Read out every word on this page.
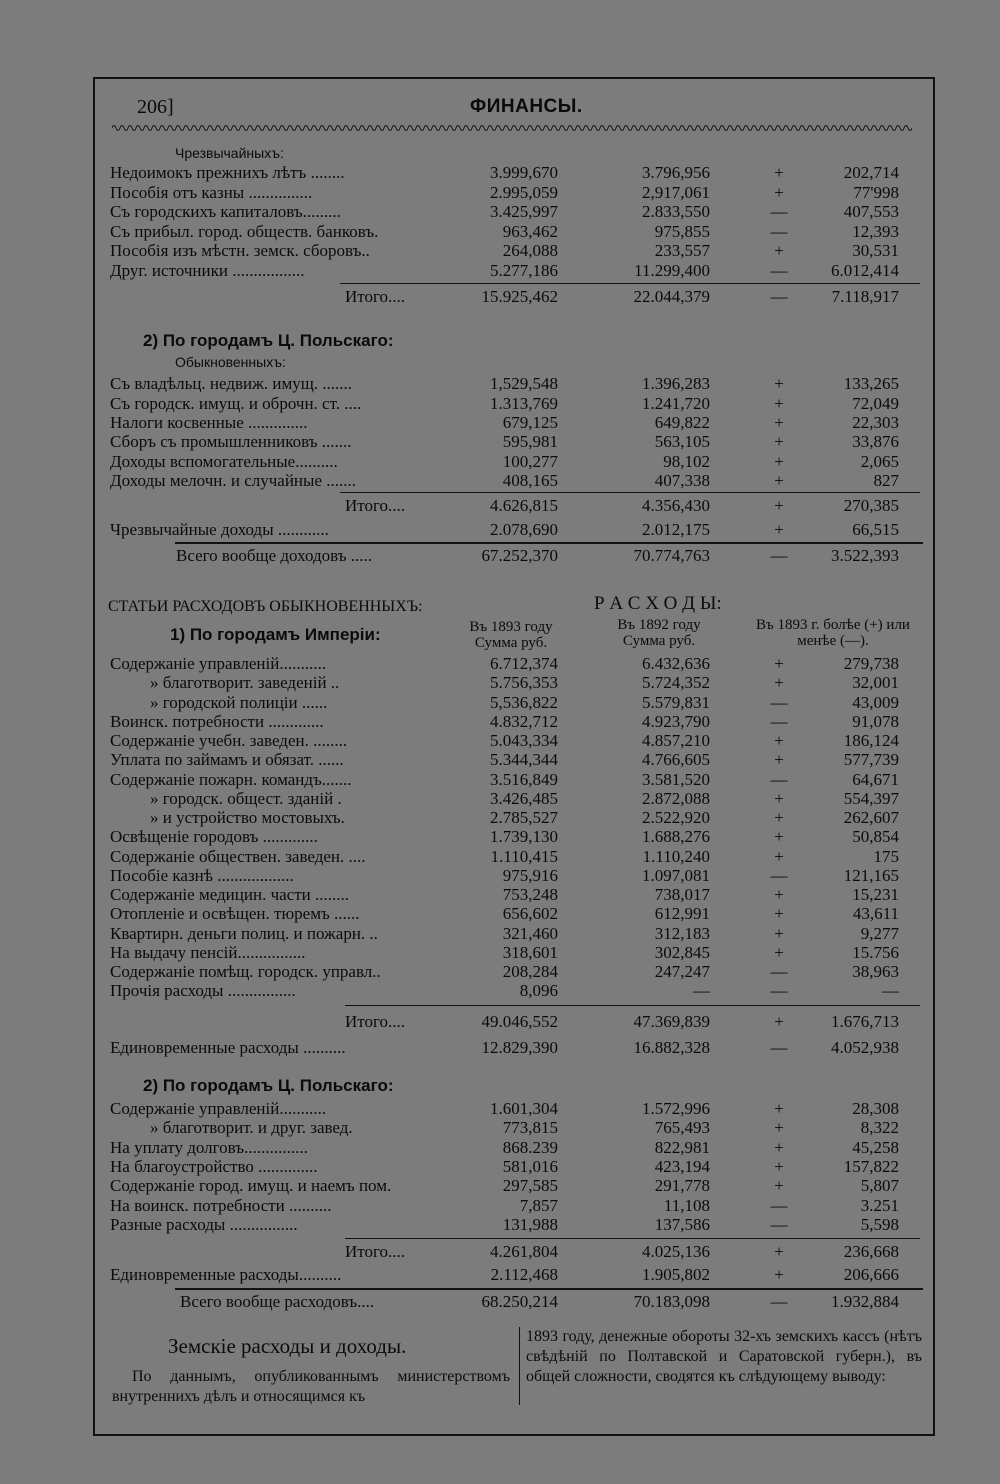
206]	ФИНАНСЫ.
Чрезвычайныхъ:
Недоимокъ прежнихъ лѣтъ ........	3.999,670	3.796,956	+	202,714
Пособія отъ казны ...............	2.995,059	2,917,061	+	77'998
Съ городскихъ капиталовъ.........	3.425,997	2.833,550	—	407,553
Съ прибыл. город. обществ. банковъ.	963,462	975,855	—	12,393
Пособія изъ мѣстн. земск. сборовъ..	264,088	233,557	+	30,531
Друг. источники .................	5.277,186	11.299,400	—	6.012,414
Итого....	15.925,462	22.044,379	—	7.118,917
2) По городамъ Ц. Польскаго:
Обыкновенныхъ:
Съ владѣльц. недвиж. имущ. .......	1,529,548	1.396,283	+	133,265
Съ городск. имущ. и оброчн. ст. ....	1.313,769	1.241,720	+	72,049
Налоги косвенные ..............	679,125	649,822	+	22,303
Сборъ съ промышленниковъ .......	595,981	563,105	+	33,876
Доходы вспомогательные..........	100,277	98,102	+	2,065
Доходы мелочн. и случайные .......	408,165	407,338	+	827
Итого....	4.626,815	4.356,430	+	270,385
Чрезвычайные доходы ............	2.078,690	2.012,175	+	66,515
Всего вообще доходовъ .....	67.252,370	70.774,763	—	3.522,393
СТАТЬИ РАСХОДОВЪ ОБЫКНОВЕННЫХЪ:	Р А С Х О Д Ы:
1) По городамъ Имперіи:	Въ 1893 году Сумма руб.
Въ 1892 году Сумма руб.
Въ 1893 г. болѣе (+) или менѣе (—).
Содержаніе управленій...........	6.712,374	6.432,636	+	279,738
» благотворит. заведеній ..	5.756,353	5.724,352	+	32,001
» городской полиціи ......	5,536,822	5.579,831	—	43,009
Воинск. потребности .............	4.832,712	4.923,790	—	91,078
Содержаніе учебн. заведен. ........	5.043,334	4.857,210	+	186,124
Уплата по займамъ и обязат. ......	5.344,344	4.766,605	+	577,739
Содержаніе пожарн. командъ.......	3.516,849	3.581,520	—	64,671
» городск. общест. зданій .	3.426,485	2.872,088	+	554,397
» и устройство мостовыхъ.	2.785,527	2.522,920	+	262,607
Освѣщеніе городовъ .............	1.739,130	1.688,276	+	50,854
Содержаніе обществен. заведен. ....	1.110,415	1.110,240	+	175
Пособіе казнѣ ..................	975,916	1.097,081	—	121,165
Содержаніе медицин. части ........	753,248	738,017	+	15,231
Отопленіе и освѣщен. тюремъ ......	656,602	612,991	+	43,611
Квартирн. деньги полиц. и пожарн. ..	321,460	312,183	+	9,277
На выдачу пенсій................	318,601	302,845	+	15.756
Содержаніе помѣщ. городск. управл..	208,284	247,247	—	38,963
Прочія расходы ................	8,096	—	—	—
Итого....	49.046,552	47.369,839	+	1.676,713
Единовременные расходы ..........	12.829,390	16.882,328	—	4.052,938
2) По городамъ Ц. Польскаго:
Содержаніе управленій...........	1.601,304	1.572,996	+	28,308
» благотворит. и друг. завед.	773,815	765,493	+	8,322
На уплату долговъ...............	868.239	822,981	+	45,258
На благоустройство ..............	581,016	423,194	+	157,822
Содержаніе город. имущ. и наемъ пом.	297,585	291,778	+	5,807
На воинск. потребности ..........	7,857	11,108	—	3.251
Разные расходы ................	131,988	137,586	—	5,598
Итого....	4.261,804	4.025,136	+	236,668
Единовременные расходы..........	2.112,468	1.905,802	+	206,666
Всего вообще расходовъ....	68.250,214	70.183,098	—	1.932,884
Земскіе расходы и доходы.
По даннымъ, опубликованнымъ министерствомъ внутреннихъ дѣлъ и относящимся къ
1893 году, денежные обороты 32-хъ земскихъ кассъ (нѣтъ свѣдѣній по Полтавской и Саратовской губерн.), въ общей сложности, сводятся къ слѣдующему выводу:
